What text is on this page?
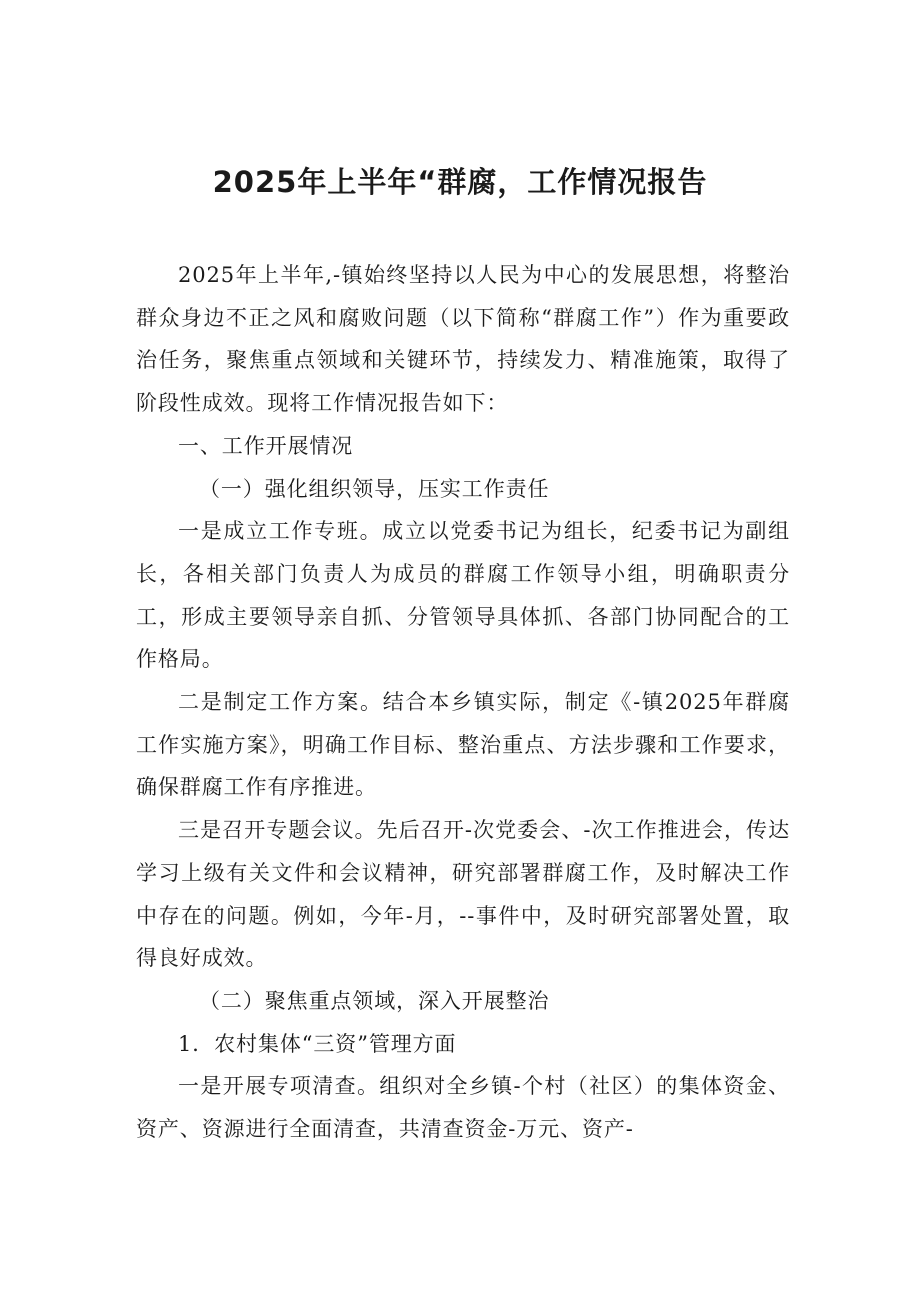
2025年上半年“群腐，工作情况报告

2025年上半年,-镇始终坚持以人民为中心的发展思想，将整治群众身边不正之风和腐败问题（以下简称“群腐工作”）作为重要政治任务，聚焦重点领域和关键环节，持续发力、精准施策，取得了阶段性成效。现将工作情况报告如下：

一、工作开展情况

（一）强化组织领导，压实工作责任

一是成立工作专班。成立以党委书记为组长，纪委书记为副组长，各相关部门负责人为成员的群腐工作领导小组，明确职责分工，形成主要领导亲自抓、分管领导具体抓、各部门协同配合的工作格局。

二是制定工作方案。结合本乡镇实际，制定《-镇2025年群腐工作实施方案》，明确工作目标、整治重点、方法步骤和工作要求，确保群腐工作有序推进。

三是召开专题会议。先后召开-次党委会、-次工作推进会，传达学习上级有关文件和会议精神，研究部署群腐工作，及时解决工作中存在的问题。例如，今年-月，--事件中，及时研究部署处置，取得良好成效。

（二）聚焦重点领域，深入开展整治

1．农村集体“三资”管理方面

一是开展专项清查。组织对全乡镇-个村（社区）的集体资金、资产、资源进行全面清查，共清查资金-万元、资产-
